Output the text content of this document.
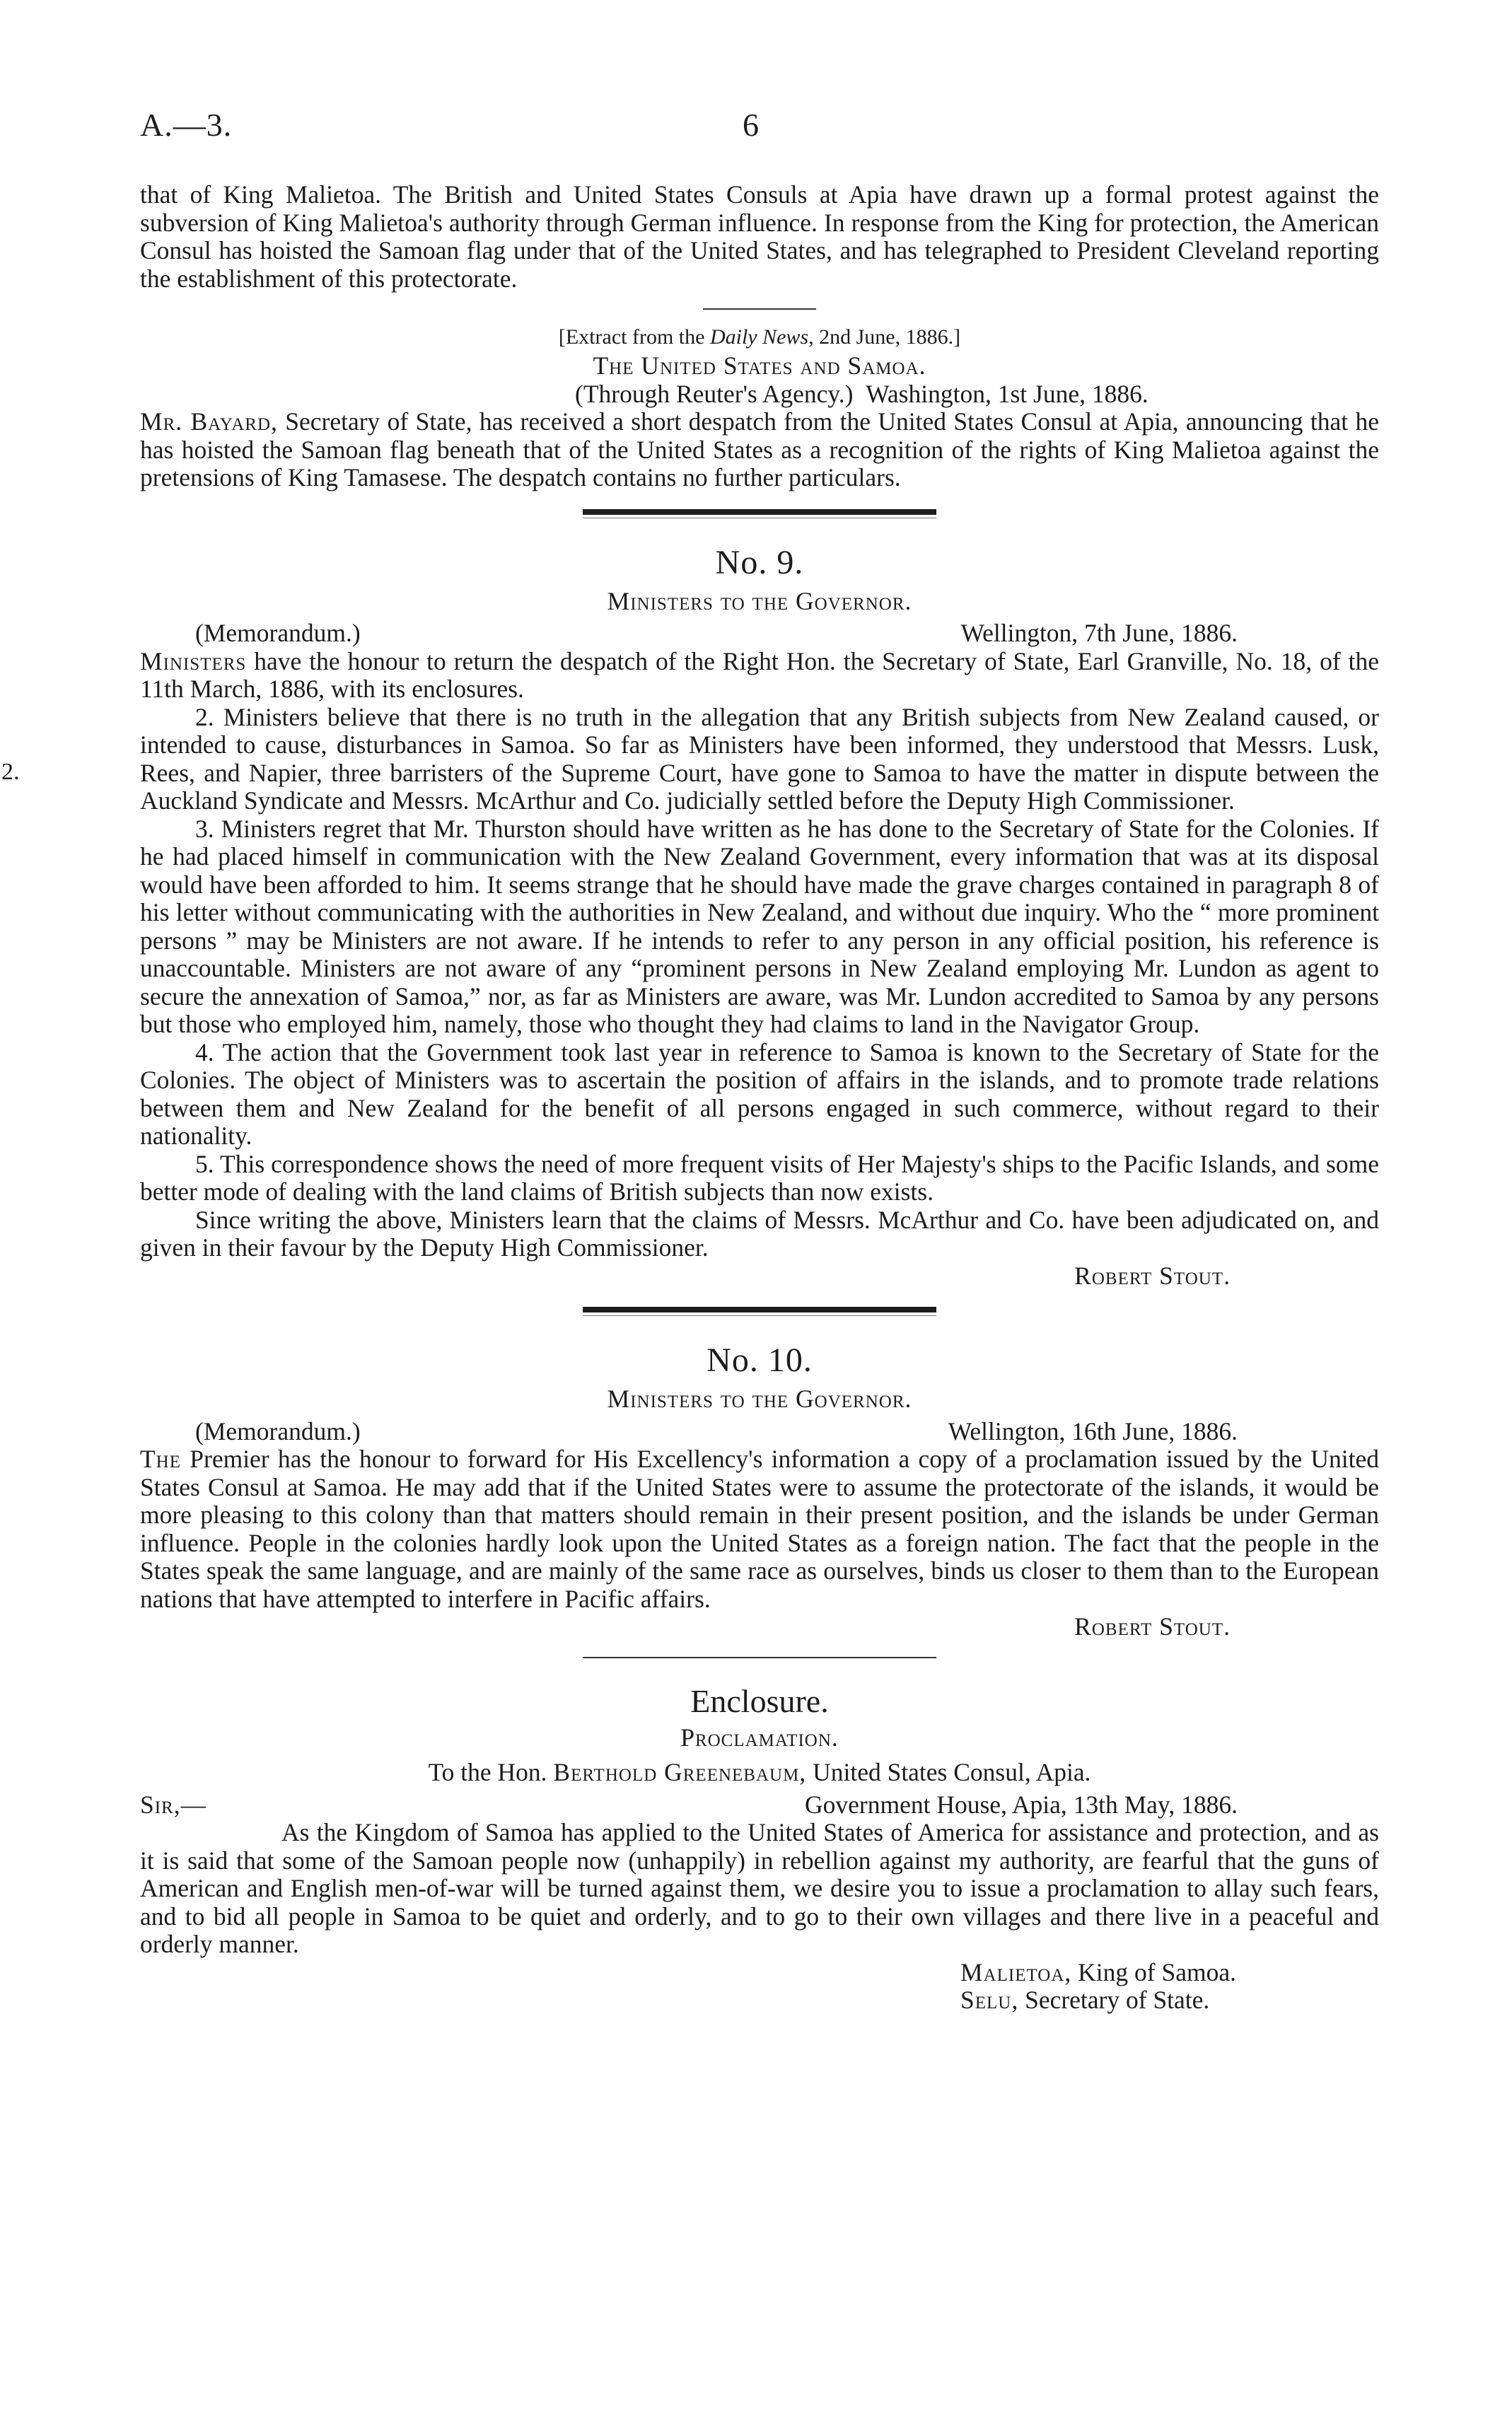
A.—3.	6
2.

that of King Malietoa. The British and United States Consuls at Apia have drawn up a formal protest against the subversion of King Malietoa's authority through German influence. In response from the King for protection, the American Consul has hoisted the Samoan flag under that of the United States, and has telegraphed to President Cleveland reporting the establishment of this protectorate.

[Extract from the Daily News, 2nd June, 1886.]

The United States and Samoa.

(Through Reuter's Agency.) Washington, 1st June, 1886.

Mr. Bayard, Secretary of State, has received a short despatch from the United States Consul at Apia, announcing that he has hoisted the Samoan flag beneath that of the United States as a recognition of the rights of King Malietoa against the pretensions of King Tamasese. The despatch contains no further particulars.

No. 9.

Ministers to the Governor.

(Memorandum.)	Wellington, 7th June, 1886.

Ministers have the honour to return the despatch of the Right Hon. the Secretary of State, Earl Granville, No. 18, of the 11th March, 1886, with its enclosures.

2. Ministers believe that there is no truth in the allegation that any British subjects from New Zealand caused, or intended to cause, disturbances in Samoa. So far as Ministers have been informed, they understood that Messrs. Lusk, Rees, and Napier, three barristers of the Supreme Court, have gone to Samoa to have the matter in dispute between the Auckland Syndicate and Messrs. McArthur and Co. judicially settled before the Deputy High Commissioner.

3. Ministers regret that Mr. Thurston should have written as he has done to the Secretary of State for the Colonies. If he had placed himself in communication with the New Zealand Government, every information that was at its disposal would have been afforded to him. It seems strange that he should have made the grave charges contained in paragraph 8 of his letter without communicating with the authorities in New Zealand, and without due inquiry. Who the “ more prominent persons ” may be Ministers are not aware. If he intends to refer to any person in any official position, his reference is unaccountable. Ministers are not aware of any “prominent persons in New Zealand employing Mr. Lundon as agent to secure the annexation of Samoa,” nor, as far as Ministers are aware, was Mr. Lundon accredited to Samoa by any persons but those who employed him, namely, those who thought they had claims to land in the Navigator Group.

4. The action that the Government took last year in reference to Samoa is known to the Secretary of State for the Colonies. The object of Ministers was to ascertain the position of affairs in the islands, and to promote trade relations between them and New Zealand for the benefit of all persons engaged in such commerce, without regard to their nationality.

5. This correspondence shows the need of more frequent visits of Her Majesty's ships to the Pacific Islands, and some better mode of dealing with the land claims of British subjects than now exists.

Since writing the above, Ministers learn that the claims of Messrs. McArthur and Co. have been adjudicated on, and given in their favour by the Deputy High Commissioner.

Robert Stout.

No. 10.

Ministers to the Governor.

(Memorandum.)	Wellington, 16th June, 1886.

The Premier has the honour to forward for His Excellency's information a copy of a proclamation issued by the United States Consul at Samoa. He may add that if the United States were to assume the protectorate of the islands, it would be more pleasing to this colony than that matters should remain in their present position, and the islands be under German influence. People in the colonies hardly look upon the United States as a foreign nation. The fact that the people in the States speak the same language, and are mainly of the same race as ourselves, binds us closer to them than to the European nations that have attempted to interfere in Pacific affairs.

Robert Stout.

Enclosure.

Proclamation.

To the Hon. Berthold Greenebaum, United States Consul, Apia.

Sir,—	Government House, Apia, 13th May, 1886.

As the Kingdom of Samoa has applied to the United States of America for assistance and protection, and as it is said that some of the Samoan people now (unhappily) in rebellion against my authority, are fearful that the guns of American and English men-of-war will be turned against them, we desire you to issue a proclamation to allay such fears, and to bid all people in Samoa to be quiet and orderly, and to go to their own villages and there live in a peaceful and orderly manner.

Malietoa, King of Samoa.

Selu, Secretary of State.
